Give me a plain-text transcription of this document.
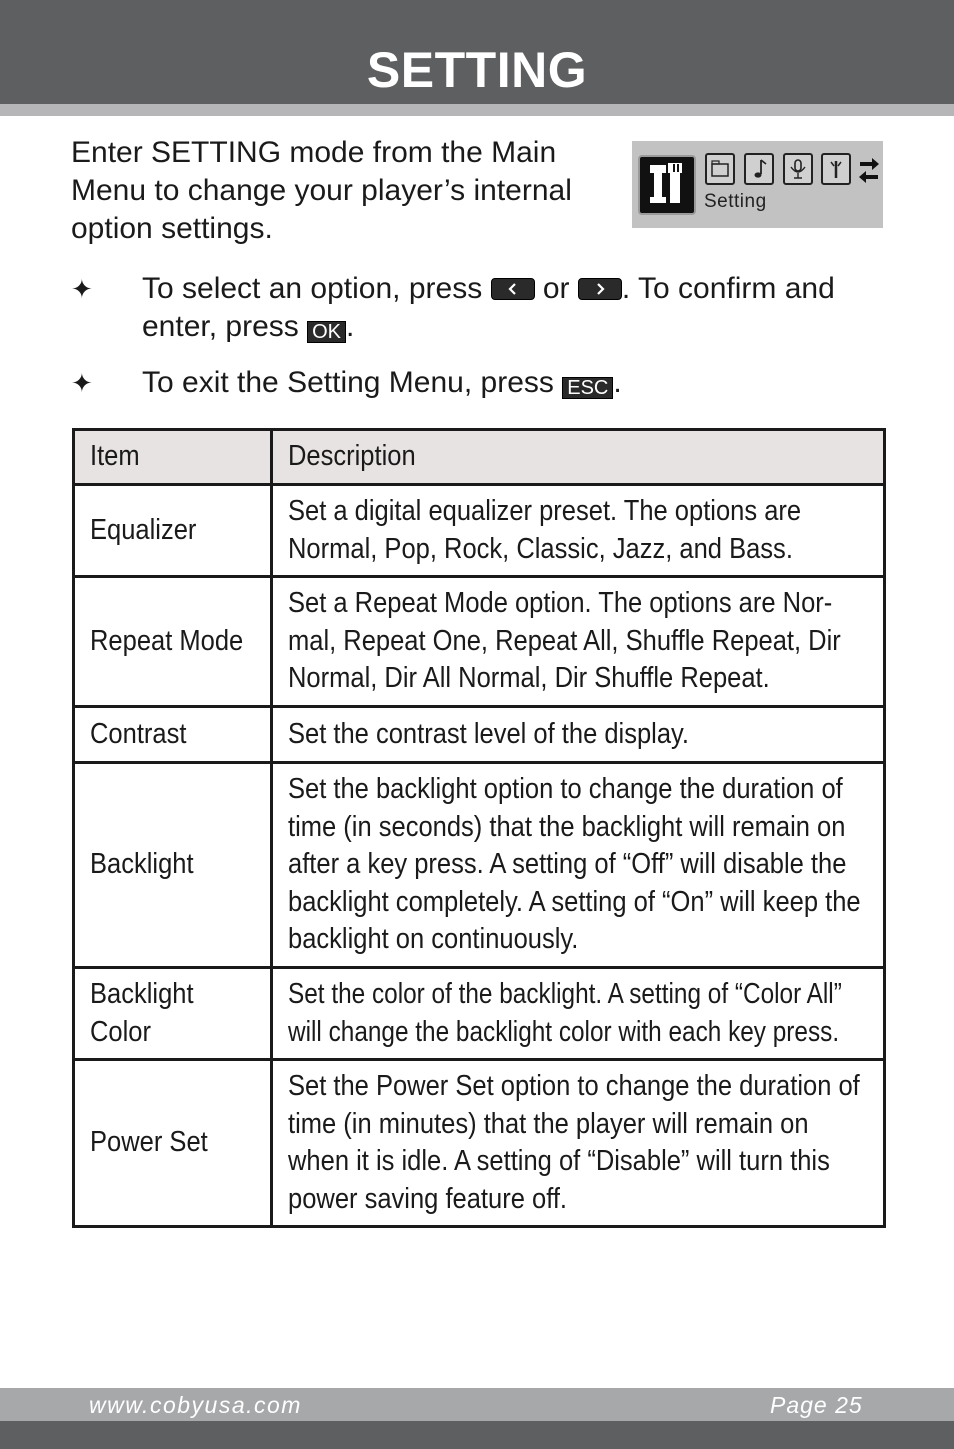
SETTING
Enter SETTING mode from the Main Menu to change your player’s internal option settings.
Setting
✦ To select an option, press
or
. To confirm and enter, press OK .
✦ To exit the Setting Menu, press ESC .
Item	Description
Equalizer	Set a digital equalizer preset. The options are Normal, Pop, Rock, Classic, Jazz, and Bass.
Repeat Mode	Set a Repeat Mode option. The options are Nor-mal, Repeat One, Repeat All, Shuffle Repeat, Dir Normal, Dir All Normal, Dir Shuffle Repeat.
Contrast	Set the contrast level of the display.
Backlight	Set the backlight option to change the duration of time (in seconds) that the backlight will remain on after a key press. A setting of “Off” will disable the backlight completely. A setting of “On” will keep the backlight on continuously.
Backlight Color	Set the color of the backlight. A setting of “Color All” will change the backlight color with each key press.
Power Set	Set the Power Set option to change the duration of time (in minutes) that the player will remain on when it is idle. A setting of “Disable” will turn this power saving feature off.
www.cobyusa.com	Page 25
